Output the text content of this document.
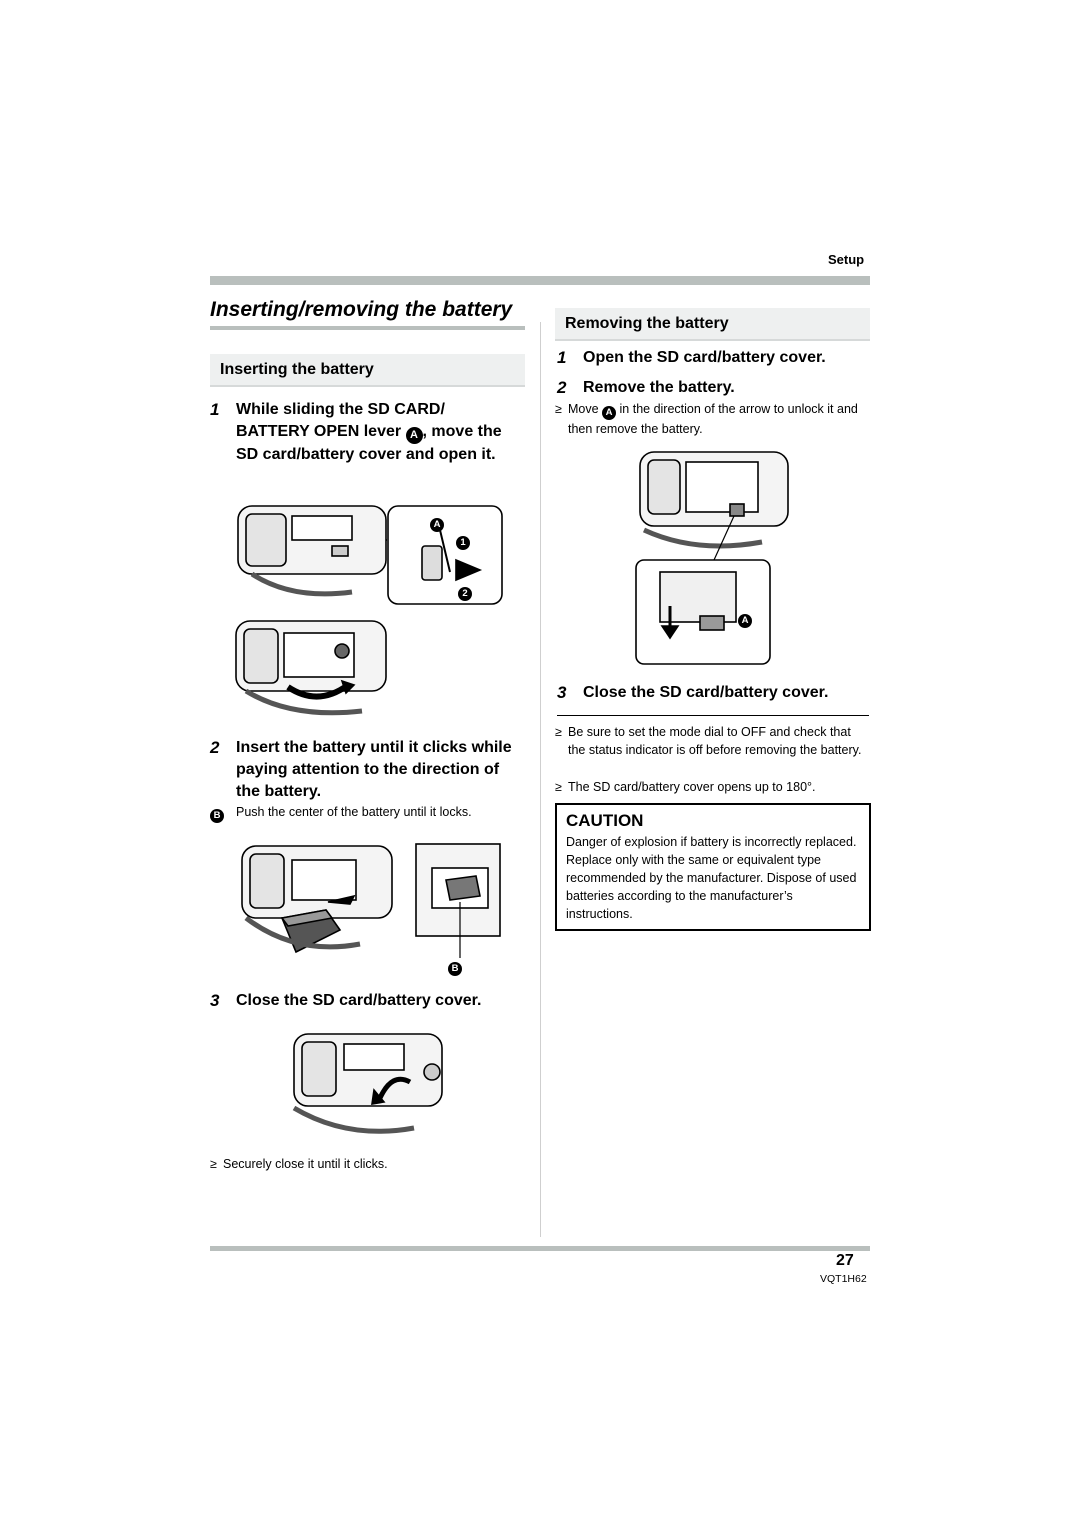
Setup
Inserting/removing the battery
Inserting the battery
1	While sliding the SD CARD/ BATTERY OPEN lever A , move the SD card/battery cover and open it.
A
1
2
2	Insert the battery until it clicks while paying attention to the direction of the battery.
B	Push the center of the battery until it locks.
B
3	Close the SD card/battery cover.
≥ Securely close it until it clicks.
Removing the battery
1	Open the SD card/battery cover.
2	Remove the battery.
≥ Move A in the direction of the arrow to unlock it and then remove the battery.
A
3	Close the SD card/battery cover.
≥ Be sure to set the mode dial to OFF and check that the status indicator is off before removing the battery.
≥ The SD card/battery cover opens up to 180°.
CAUTION
Danger of explosion if battery is incorrectly replaced. Replace only with the same or equivalent type recommended by the manufacturer. Dispose of used batteries according to the manufacturer’s instructions.
27
VQT1H62
